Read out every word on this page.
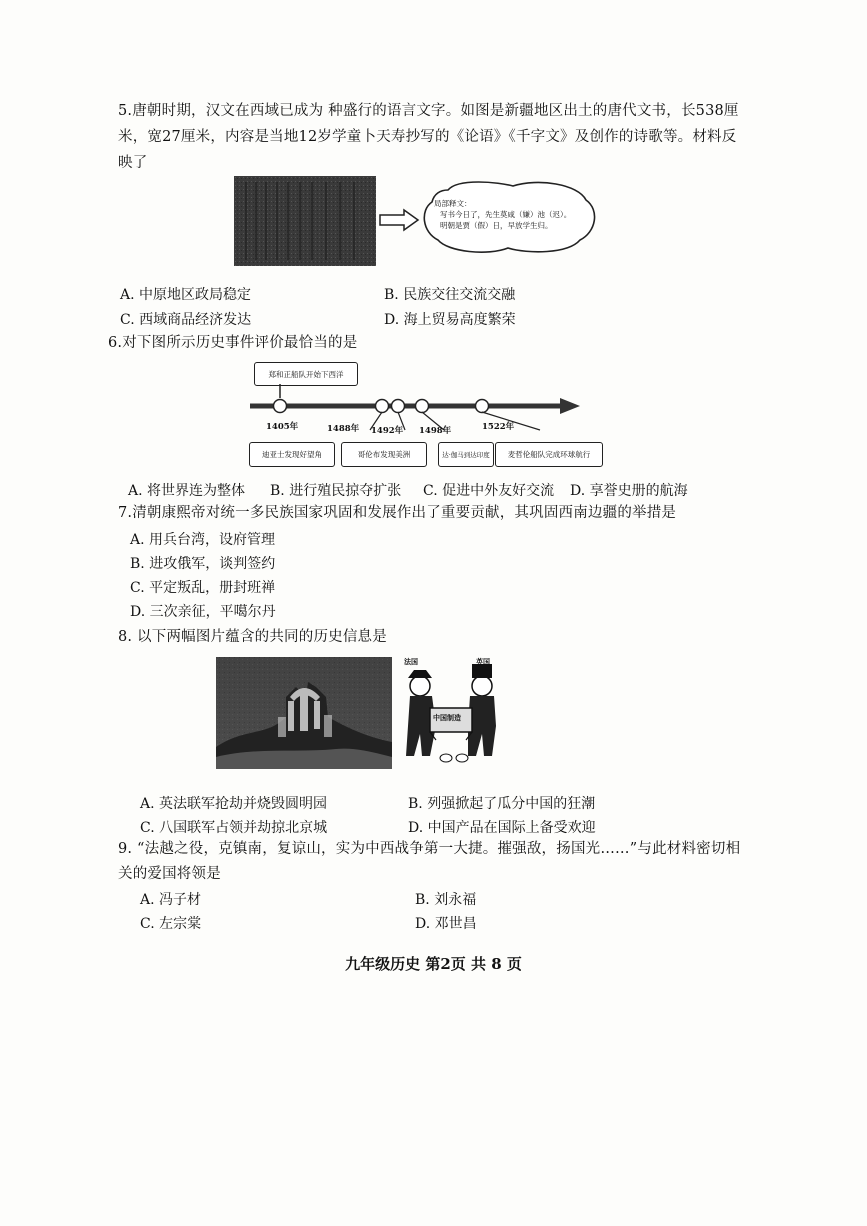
5.唐朝时期，汉文在西域已成为 种盛行的语言文字。如图是新疆地区出土的唐代文书，长538厘
米，宽27厘米，内容是当地12岁学童卜天寿抄写的《论语》《千字文》及创作的诗歌等。材料反
映了
局部释文：
写书今日了，先生莫咸（嫌）池（迟）。
明朝是贾（假）日，早放学生归。
A. 中原地区政局稳定	B. 民族交往交流交融
C. 西域商品经济发达	D. 海上贸易高度繁荣
6.对下图所示历史事件评价最恰当的是
郑和正船队开始下西洋
1405年	1488年 1492年 1498年	1522年
迪亚士发现好望角	哥伦布发现美洲	达·伽马到达印度	麦哲伦船队完成环球航行
A. 将世界连为整体 B. 进行殖民掠夺扩张 C. 促进中外友好交流 D. 享誉史册的航海
7.清朝康熙帝对统一多民族国家巩固和发展作出了重要贡献，其巩固西南边疆的举措是
A. 用兵台湾，设府管理
B. 进攻俄军，谈判签约
C. 平定叛乱，册封班禅
D. 三次亲征，平噶尔丹
8. 以下两幅图片蕴含的共同的历史信息是
法国	英国
中国制造
A. 英法联军抢劫并烧毁圆明园	B. 列强掀起了瓜分中国的狂潮
C. 八国联军占领并劫掠北京城	D. 中国产品在国际上备受欢迎
9. “法越之役，克镇南，复谅山，实为中西战争第一大捷。摧强敌，扬国光……”与此材料密切相
关的爱国将领是
A. 冯子材	B. 刘永福
C. 左宗棠	D. 邓世昌
九年级历史 第2页 共 8 页
